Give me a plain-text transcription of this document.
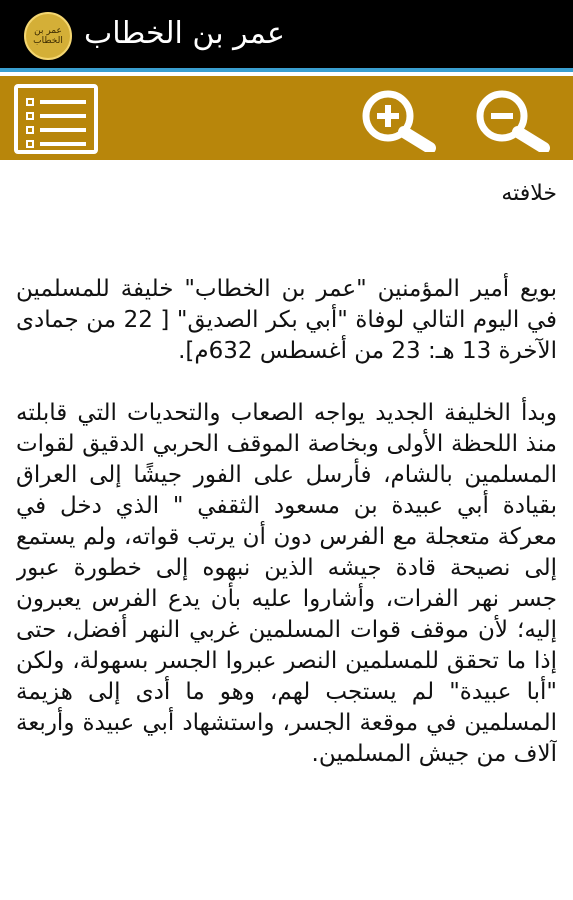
عمر بن الخطاب عمر بن الخطاب
خلافته

بويع أمير المؤمنين "عمر بن الخطاب" خليفة للمسلمين في اليوم التالي لوفاة "أبي بكر الصديق" [ 22 من جمادى الآخرة 13 هـ: 23 من أغسطس 632م].

وبدأ الخليفة الجديد يواجه الصعاب والتحديات التي قابلته منذ اللحظة الأولى وبخاصة الموقف الحربي الدقيق لقوات المسلمين بالشام، فأرسل على الفور جيشًا إلى العراق بقيادة أبي عبيدة بن مسعود الثقفي " الذي دخل في معركة متعجلة مع الفرس دون أن يرتب قواته، ولم يستمع إلى نصيحة قادة جيشه الذين نبهوه إلى خطورة عبور جسر نهر الفرات، وأشاروا عليه بأن يدع الفرس يعبرون إليه؛ لأن موقف قوات المسلمين غربي النهر أفضل، حتى إذا ما تحقق للمسلمين النصر عبروا الجسر بسهولة، ولكن "أبا عبيدة" لم يستجب لهم، وهو ما أدى إلى هزيمة المسلمين في موقعة الجسر، واستشهاد أبي عبيدة وأربعة آلاف من جيش المسلمين.
